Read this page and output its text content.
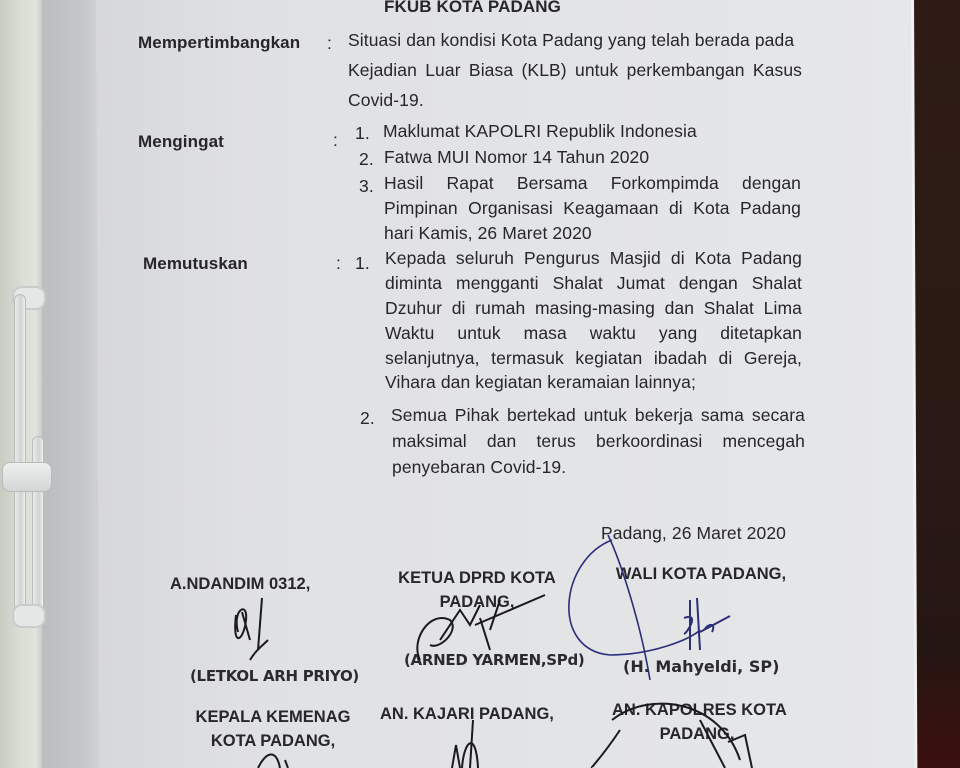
FKUB KOTA PADANG
Mempertimbangkan : Situasi dan kondisi Kota Padang yang telah berada pada
Kejadian Luar Biasa (KLB) untuk perkembangan Kasus
Covid-19.
Mengingat	: 1. Maklumat KAPOLRI Republik Indonesia
2. Fatwa MUI Nomor 14 Tahun 2020
3. Hasil Rapat Bersama Forkompimda dengan
Pimpinan Organisasi Keagamaan di Kota Padang
hari Kamis, 26 Maret 2020
Memutuskan	: 1. Kepada seluruh Pengurus Masjid di Kota Padang
diminta mengganti Shalat Jumat dengan Shalat
Dzuhur di rumah masing-masing dan Shalat Lima
Waktu untuk masa waktu yang ditetapkan
selanjutnya, termasuk kegiatan ibadah di Gereja,
Vihara dan kegiatan keramaian lainnya;
2. Semua Pihak bertekad untuk bekerja sama secara
maksimal dan terus berkoordinasi mencegah
penyebaran Covid-19.
Padang, 26 Maret 2020
A.NDANDIM 0312,	KETUA DPRD KOTA
PADANG,
WALI KOTA PADANG,
(LETKOL ARH PRIYO)
(ARNED YARMEN,SPd) (H. Mahyeldi, SP)
KEPALA KEMENAG
KOTA PADANG,
AN. KAJARI PADANG,	AN. KAPOLRES KOTA
PADANG,
